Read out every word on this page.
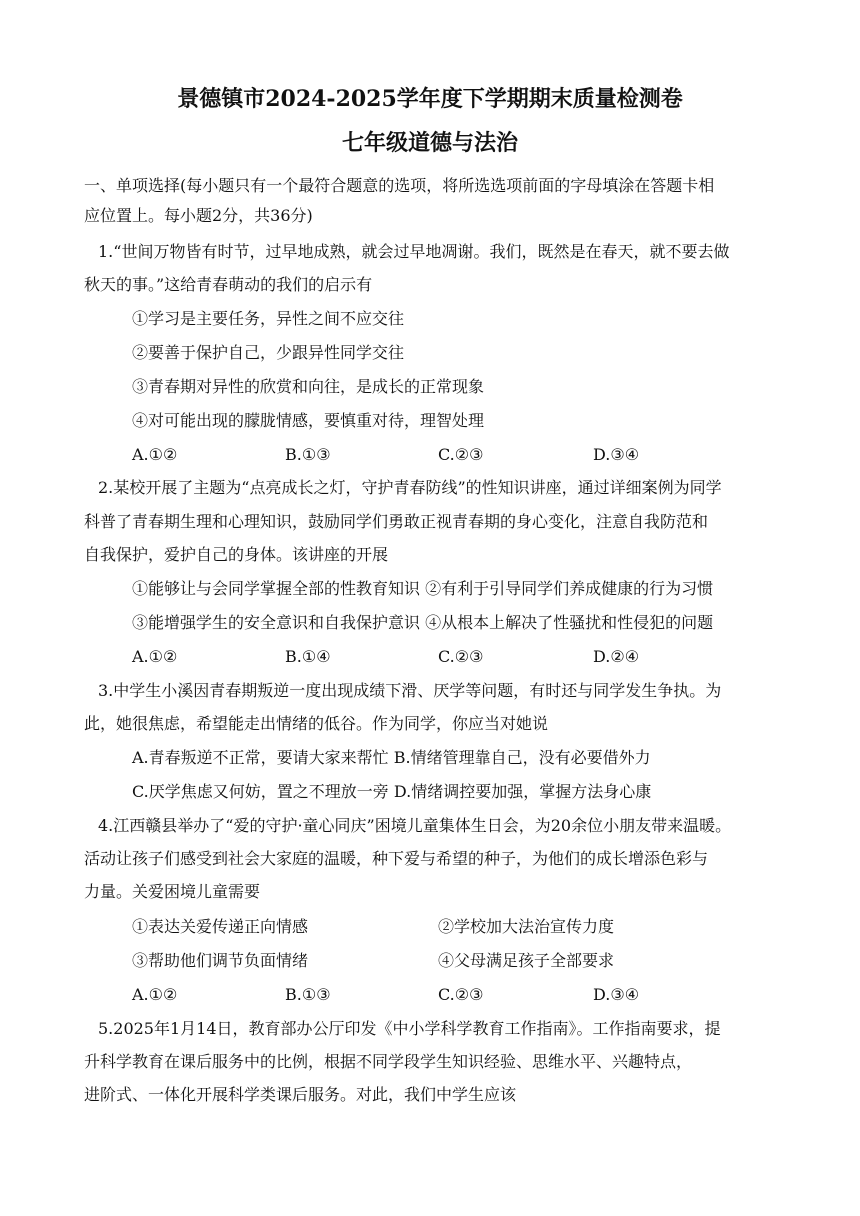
景德镇市2024-2025学年度下学期期末质量检测卷
七年级道德与法治
一、单项选择(每小题只有一个最符合题意的选项，将所选选项前面的字母填涂在答题卡相
应位置上。每小题2分，共36分)
1.“世间万物皆有时节，过早地成熟，就会过早地凋谢。我们，既然是在春天，就不要去做
秋天的事。”这给青春萌动的我们的启示有
①学习是主要任务，异性之间不应交往
②要善于保护自己，少跟异性同学交往
③青春期对异性的欣赏和向往，是成长的正常现象
④对可能出现的朦胧情感，要慎重对待，理智处理
A.①②	B.①③	C.②③	D.③④
2.某校开展了主题为“点亮成长之灯，守护青春防线”的性知识讲座，通过详细案例为同学
科普了青春期生理和心理知识，鼓励同学们勇敢正视青春期的身心变化，注意自我防范和
自我保护，爱护自己的身体。该讲座的开展
①能够让与会同学掌握全部的性教育知识 ②有利于引导同学们养成健康的行为习惯
③能增强学生的安全意识和自我保护意识 ④从根本上解决了性骚扰和性侵犯的问题
A.①②	B.①④	C.②③	D.②④
3.中学生小溪因青春期叛逆一度出现成绩下滑、厌学等问题，有时还与同学发生争执。为
此，她很焦虑，希望能走出情绪的低谷。作为同学，你应当对她说
A.青春叛逆不正常，要请大家来帮忙 B.情绪管理靠自己，没有必要借外力
C.厌学焦虑又何妨，置之不理放一旁 D.情绪调控要加强，掌握方法身心康
4.江西赣县举办了“爱的守护·童心同庆”困境儿童集体生日会，为20余位小朋友带来温暖。
活动让孩子们感受到社会大家庭的温暖，种下爱与希望的种子，为他们的成长增添色彩与
力量。关爱困境儿童需要
①表达关爱传递正向情感	②学校加大法治宣传力度
③帮助他们调节负面情绪	④父母满足孩子全部要求
A.①②	B.①③	C.②③	D.③④
5.2025年1月14日，教育部办公厅印发《中小学科学教育工作指南》。工作指南要求，提
升科学教育在课后服务中的比例，根据不同学段学生知识经验、思维水平、兴趣特点，
进阶式、一体化开展科学类课后服务。对此，我们中学生应该
